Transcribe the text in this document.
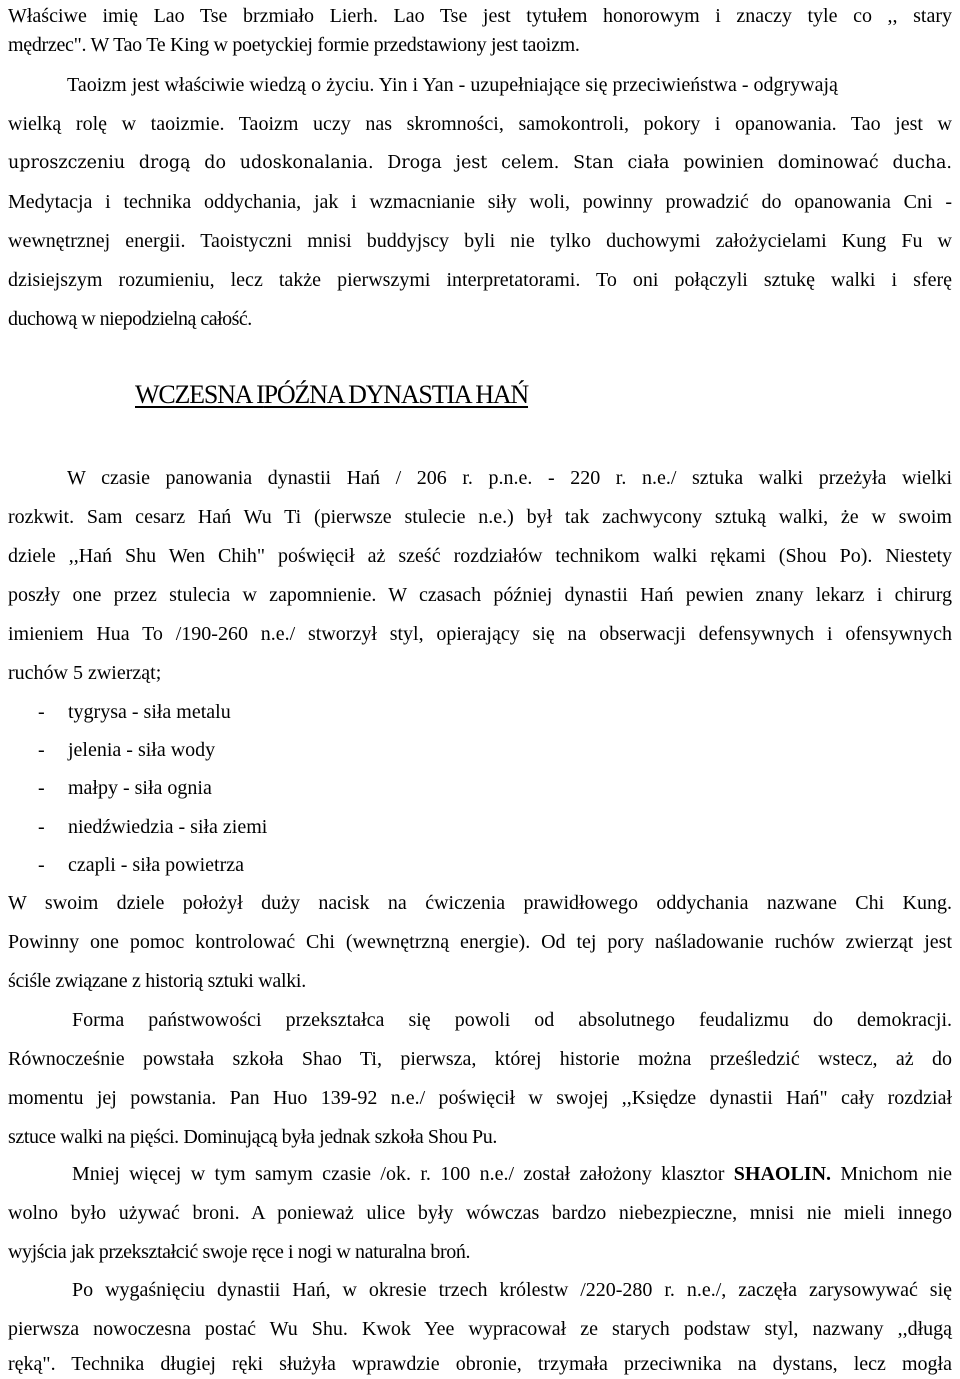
Właściwe imię Lao Tse brzmiało Lierh. Lao Tse jest tytułem honorowym i znaczy tyle co ,, stary
mędrzec". W Tao Te King w poetyckiej formie przedstawiony jest taoizm.
Taoizm jest właściwie wiedzą o życiu. Yin i Yan - uzupełniające się przeciwieństwa - odgrywają
wielką rolę w taoizmie. Taoizm uczy nas skromności, samokontroli, pokory i opanowania. Tao jest w
uproszczeniu drogą do udoskonalania. Droga jest celem. Stan ciała powinien dominować ducha.
Medytacja i technika oddychania, jak i wzmacnianie siły woli, powinny prowadzić do opanowania Cni -
wewnętrznej energii. Taoistyczni mnisi buddyjscy byli nie tylko duchowymi założycielami Kung Fu w
dzisiejszym rozumieniu, lecz także pierwszymi interpretatorami. To oni połączyli sztukę walki i sferę
duchową w niepodzielną całość.
WCZESNA IPÓŹNA DYNASTIA HAŃ
W czasie panowania dynastii Hań / 206 r. p.n.e. - 220 r. n.e./ sztuka walki przeżyła wielki
rozkwit. Sam cesarz Hań Wu Ti (pierwsze stulecie n.e.) był tak zachwycony sztuką walki, że w swoim
dziele ,,Hań Shu Wen Chih" poświęcił aż sześć rozdziałów technikom walki rękami (Shou Po). Niestety
poszły one przez stulecia w zapomnienie. W czasach później dynastii Hań pewien znany lekarz i chirurg
imieniem Hua To /190-260 n.e./ stworzył styl, opierający się na obserwacji defensywnych i ofensywnych
ruchów 5 zwierząt;
- tygrysa - siła metalu
- jelenia - siła wody
- małpy - siła ognia
- niedźwiedzia - siła ziemi
- czapli - siła powietrza
W swoim dziele położył duży nacisk na ćwiczenia prawidłowego oddychania nazwane Chi Kung.
Powinny one pomoc kontrolować Chi (wewnętrzną energie). Od tej pory naśladowanie ruchów zwierząt jest
ściśle związane z historią sztuki walki.
Forma państwowości przekształca się powoli od absolutnego feudalizmu do demokracji.
Równocześnie powstała szkoła Shao Ti, pierwsza, której historie można prześledzić wstecz, aż do
momentu jej powstania. Pan Huo 139-92 n.e./ poświęcił w swojej ,,Księdze dynastii Hań" cały rozdział
sztuce walki na pięści. Dominującą była jednak szkoła Shou Pu.
Mniej więcej w tym samym czasie /ok. r. 100 n.e./ został założony klasztor SHAOLIN. Mnichom nie
wolno było używać broni. A ponieważ ulice były wówczas bardzo niebezpieczne, mnisi nie mieli innego
wyjścia jak przekształcić swoje ręce i nogi w naturalna broń.
Po wygaśnięciu dynastii Hań, w okresie trzech królestw /220-280 r. n.e./, zaczęła zarysowywać się
pierwsza nowoczesna postać Wu Shu. Kwok Yee wypracował ze starych podstaw styl, nazwany ,,długą
ręką". Technika długiej ręki służyła wprawdzie obronie, trzymała przeciwnika na dystans, lecz mogła
